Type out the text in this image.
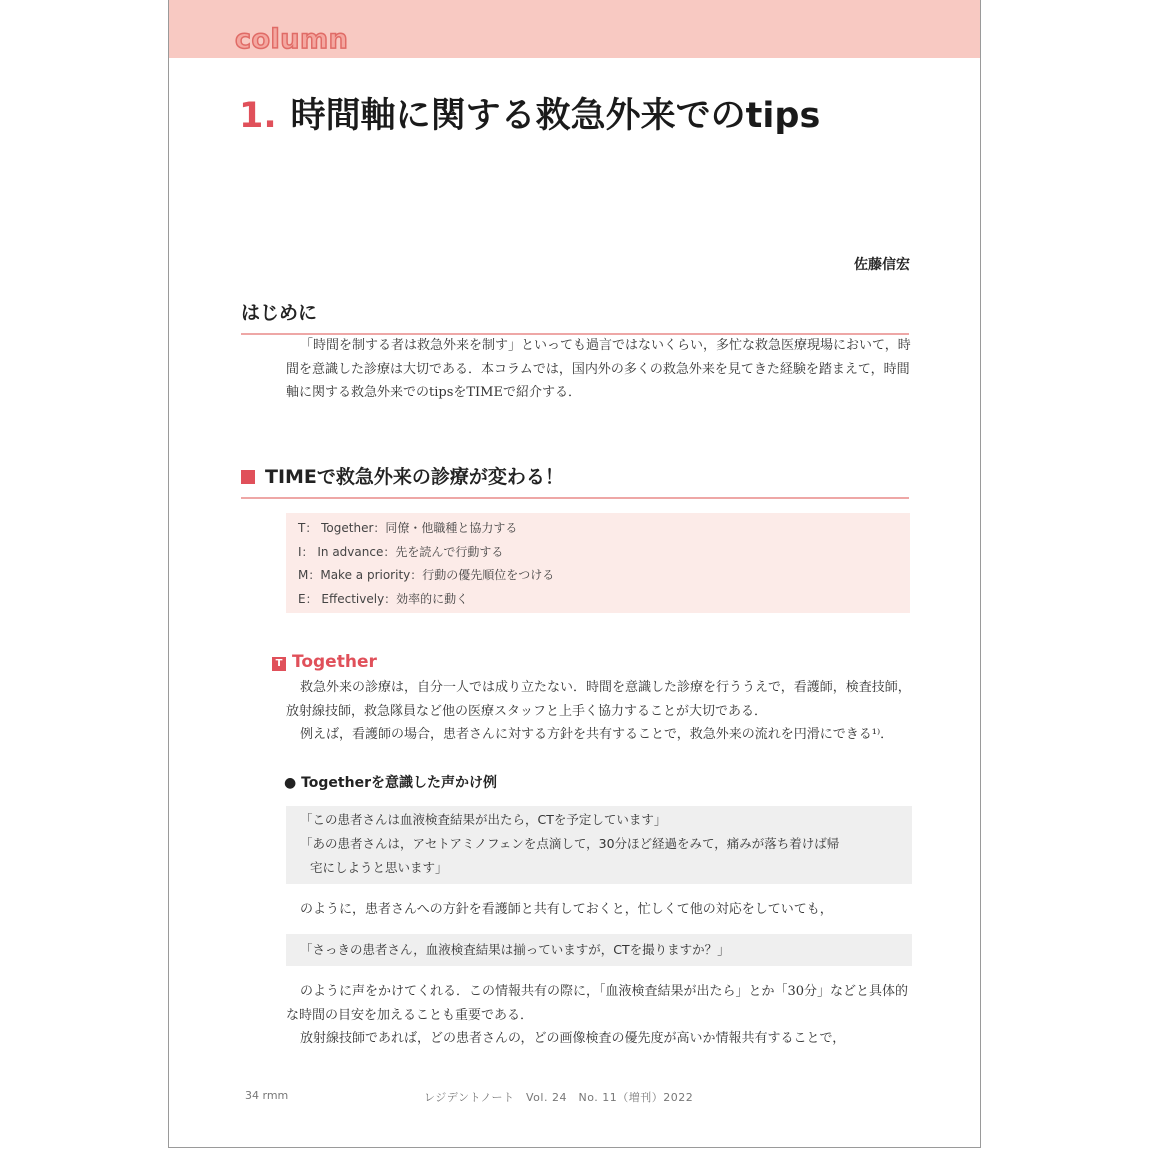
column
1. 時間軸に関する救急外来でのtips
佐藤信宏
はじめに
「時間を制する者は救急外来を制す」といっても過言ではないくらい，多忙な救急医療現場において，時間を意識した診療は大切である．本コラムでは，国内外の多くの救急外来を見てきた経験を踏まえて，時間軸に関する救急外来でのtipsをTIMEで紹介する．
TIMEで救急外来の診療が変わる！
T： Together：同僚・他職種と協力する
I： In advance：先を読んで行動する
M：Make a priority：行動の優先順位をつける
E： Effectively：効率的に動く
T Together
救急外来の診療は，自分一人では成り立たない．時間を意識した診療を行ううえで，看護師，検査技師，放射線技師，救急隊員など他の医療スタッフと上手く協力することが大切である．
例えば，看護師の場合，患者さんに対する方針を共有することで，救急外来の流れを円滑にできる¹⁾．
● Togetherを意識した声かけ例
「この患者さんは血液検査結果が出たら，CTを予定しています」
「あの患者さんは，アセトアミノフェンを点滴して，30分ほど経過をみて，痛みが落ち着けば帰
宅にしようと思います」
のように，患者さんへの方針を看護師と共有しておくと，忙しくて他の対応をしていても，
「さっきの患者さん，血液検査結果は揃っていますが，CTを撮りますか？」
のように声をかけてくれる．この情報共有の際に，「血液検査結果が出たら」とか「30分」などと具体的な時間の目安を加えることも重要である．
放射線技師であれば，どの患者さんの，どの画像検査の優先度が高いか情報共有することで，
34 rmm	レジデントノート　Vol. 24　No. 11（増刊）2022
